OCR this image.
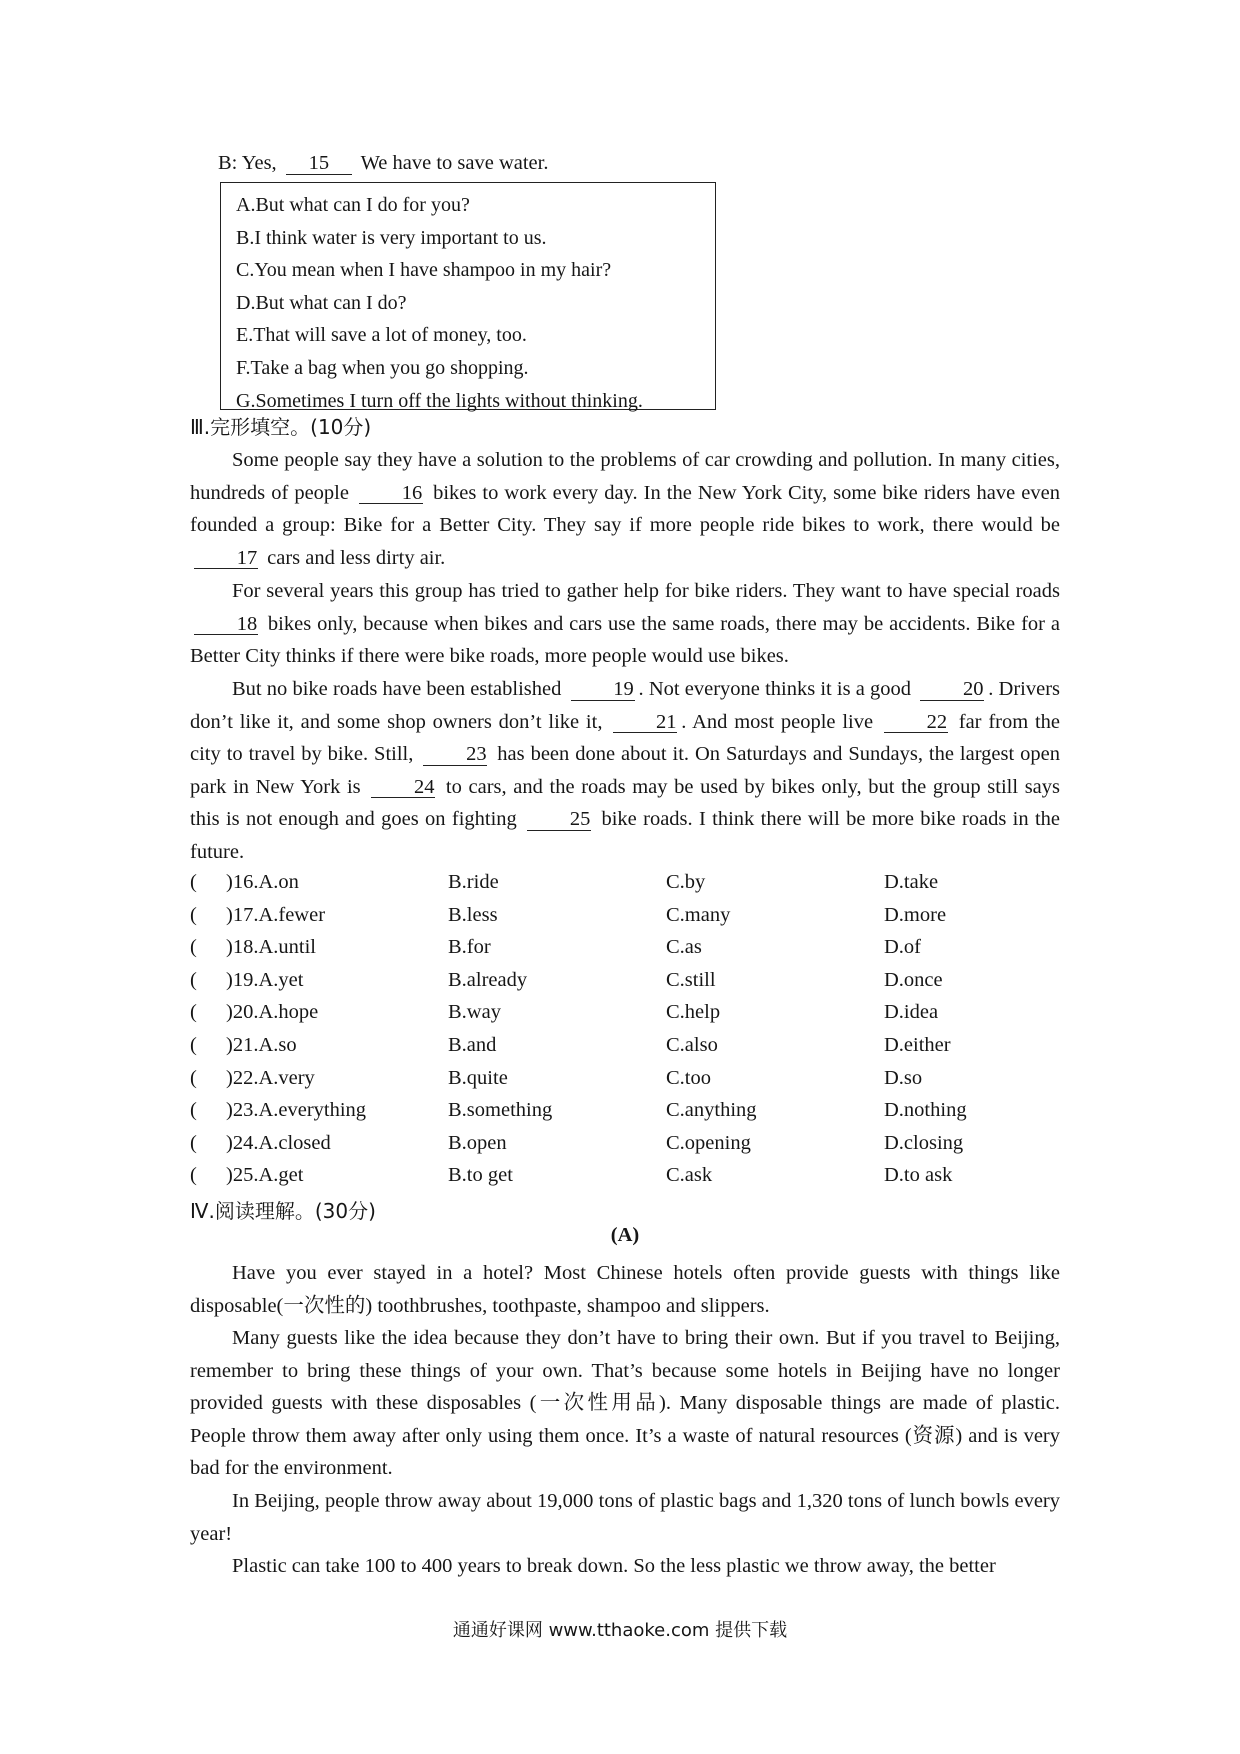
B: Yes, 15 We have to save water.
A.But what can I do for you?
B.I think water is very important to us.
C.You mean when I have shampoo in my hair?
D.But what can I do?
E.That will save a lot of money, too.
F.Take a bag when you go shopping.
G.Sometimes I turn off the lights without thinking.
Ⅲ.完形填空。(10分)

Some people say they have a solution to the problems of car crowding and pollution. In many cities, hundreds of people	16 bikes to work every day. In the New York City, some bike riders have even founded a group: Bike for a Better City. They say if more people ride bikes to work, there would be 17 cars and less dirty air.

For several years this group has tried to gather help for bike riders. They want to have special roads 18 bikes only, because when bikes and cars use the same roads, there may be accidents. Bike for a Better City thinks if there were bike roads, more people would use bikes.

But no bike roads have been established	19 . Not everyone thinks it is a good	20 . Drivers don’t like it, and some shop owners don’t like it,	21 . And most people live	22 far from the city to travel by bike. Still,	23 has been done about it. On Saturdays and Sundays, the largest open park in New York is	24 to cars, and the roads may be used by bikes only, but the group still says this is not enough and goes on fighting	25 bike roads. I think there will be more bike roads in the future.

( )16.A.on	B.ride	C.by	D.take
( )17.A.fewer	B.less	C.many	D.more
( )18.A.until	B.for	C.as	D.of
( )19.A.yet	B.already	C.still	D.once
( )20.A.hope	B.way	C.help	D.idea
( )21.A.so	B.and	C.also	D.either
( )22.A.very	B.quite	C.too	D.so
( )23.A.everything	B.something	C.anything	D.nothing
( )24.A.closed	B.open	C.opening	D.closing
( )25.A.get	B.to get	C.ask	D.to ask
Ⅳ.阅读理解。(30分)
(A)

Have you ever stayed in a hotel? Most Chinese hotels often provide guests with things like disposable(一次性的) toothbrushes, toothpaste, shampoo and slippers.

Many guests like the idea because they don’t have to bring their own. But if you travel to Beijing, remember to bring these things of your own. That’s because some hotels in Beijing have no longer provided guests with these disposables (一次性用品). Many disposable things are made of plastic. People throw them away after only using them once. It’s a waste of natural resources (资源) and is very bad for the environment.

In Beijing, people throw away about 19,000 tons of plastic bags and 1,320 tons of lunch bowls every year!

Plastic can take 100 to 400 years to break down. So the less plastic we throw away, the better

通通好课网 www.tthaoke.com 提供下载
